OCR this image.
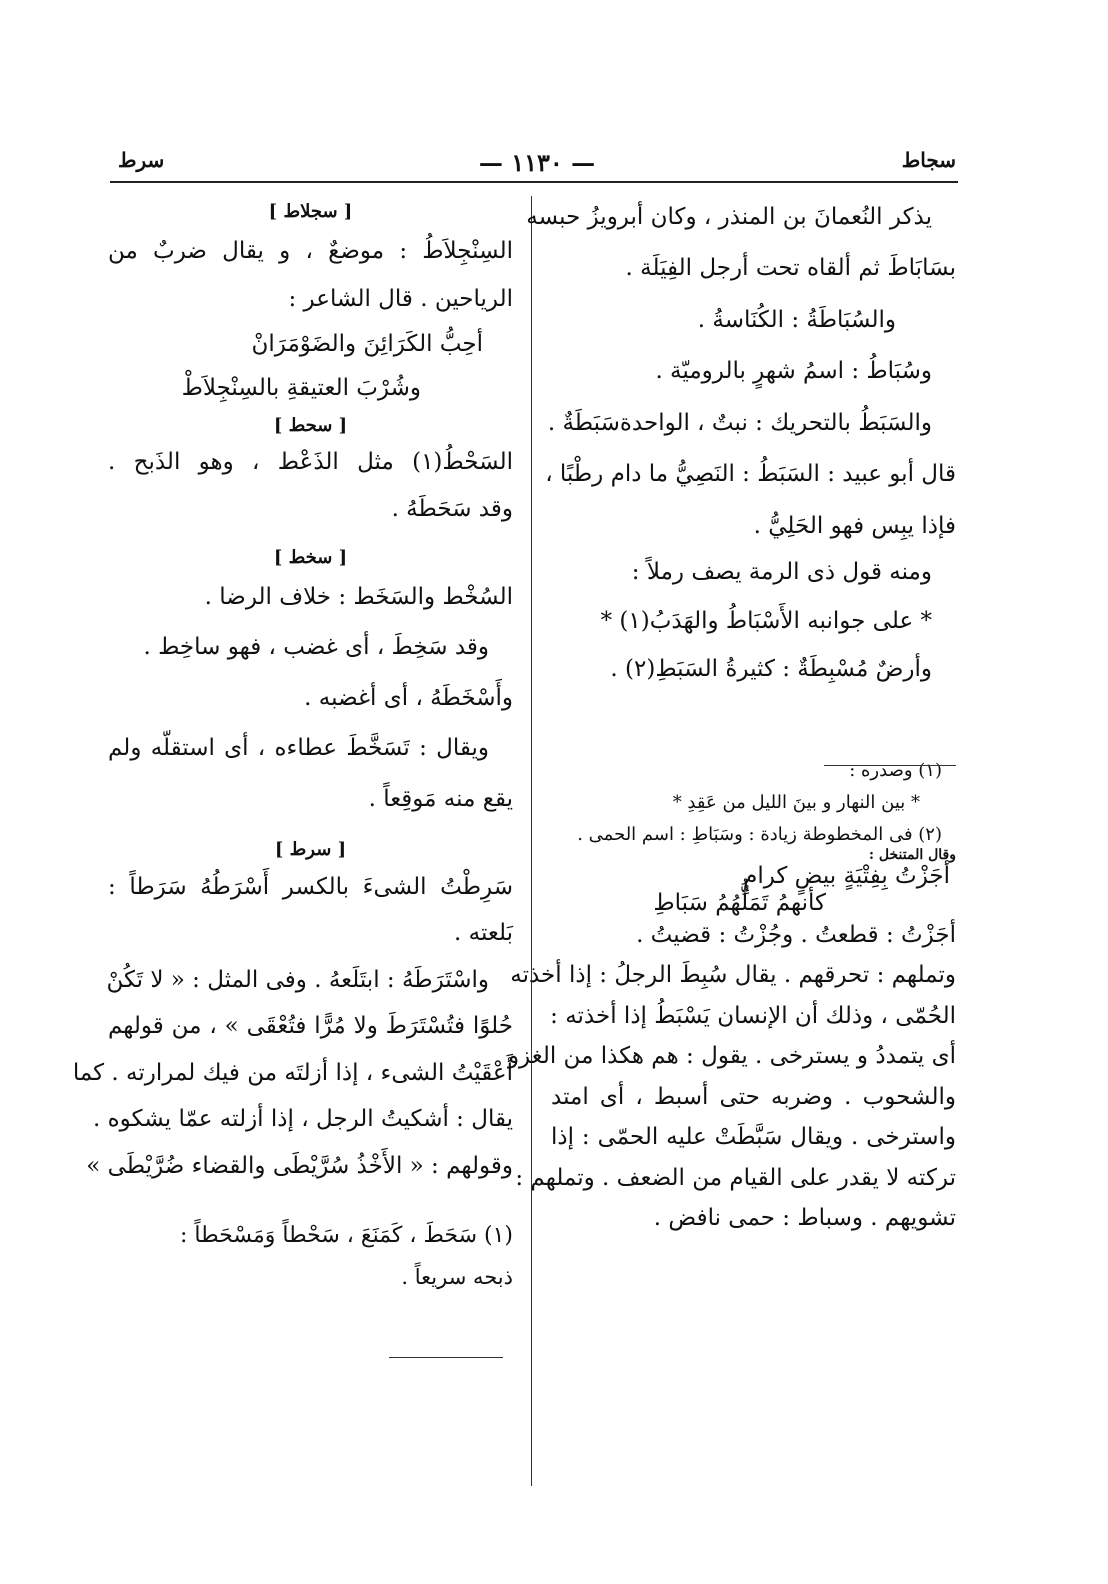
سجاط
— ١١٣٠ —
سرط
يذكر النُعمانَ بن المنذر ، وكان أبرويزُ حبسه
بسَابَاطَ ثم ألقاه تحت أرجل الفِيَلَة .
والسُبَاطَةُ : الكُنَاسةُ .
وسُبَاطُ : اسمُ شهرٍ بالروميّة .
والسَبَطُ بالتحريك : نبتٌ ، الواحدةسَبَطَةٌ .
قال أبو عبيد : السَبَطُ : النَصِيُّ ما دام رطْبًا ،
فإذا يبِس فهو الحَلِيُّ .
ومنه قول ذى الرمة يصف رملاً :
* على جوانبه الأَسْبَاطُ والهَدَبُ(١) *
وأرضٌ مُسْبِطَةٌ : كثيرةُ السَبَطِ(٢) .
(١) وصدره :
* بين النهار و بينَ الليل من عَقِدِ *
(٢) فى المخطوطة زيادة : وسَبَاطِ : اسم الحمى .
وقال المتنخل :
أجَزْتُ بِفِتْيَةٍ بيضٍ كرامٍ
كأنهمُ تَمَلُّهُمُ سَبَاطِ
أجَزْتُ : قطعتُ . وجُزْتُ : قضيتُ .
وتملهم : تحرقهم . يقال سُبِطَ الرجلُ : إذا أخذته
الحُمّى ، وذلك أن الإنسان يَسْبَطُ إذا أخذته :
أى يتمددُ و يسترخى . يقول : هم هكذا من الغزو
والشحوب . وضربه حتى أسبط ، أى امتد
واسترخى . ويقال سَبَّطَتْ عليه الحمّى : إذا
تركته لا يقدر على القيام من الضعف . وتملهم :
تشويهم . وسباط : حمى نافض .
[ سجلاط ]
السِنْجِلاَطُ : موضعٌ ، و يقال ضربٌ من
الرياحين . قال الشاعر :
أحِبُّ الكَرَائِنَ والضَوْمَرَانْ
وشُرْبَ العتيقةِ بالسِنْجِلاَطْ
[ سحط ]
السَحْطُ(١) مثل الذَعْط ، وهو الذَبح .
وقد سَحَطَهُ .
[ سخط ]
السُخْط والسَخَط : خلاف الرضا .
وقد سَخِطَ ، أى غضب ، فهو ساخِط .
وأَسْخَطَهُ ، أى أغضبه .
ويقال : تَسَخَّطَ عطاءه ، أى استقلّه ولم
يقع منه مَوقِعاً .
[ سرط ]
سَرِطْتُ الشىءَ بالكسر أَسْرَطُهُ سَرَطاً :
بَلعته .
واسْتَرَطَهُ : ابتَلَعهُ . وفى المثل : « لا تَكُنْ
حُلوًا فتُسْتَرَطَ ولا مُرًّا فتُعْقَى » ، من قولهم
أَعْقَيْتُ الشىء ، إذا أزلتَه من فيك لمرارته . كما
يقال : أشكيتُ الرجل ، إذا أزلته عمّا يشكوه .
وقولهم : « الأَخْذُ سُرَّيْطَى والقضاء ضُرَّيْطَى »
(١) سَحَطَ ، كَمَنَعَ ، سَحْطاً وَمَسْحَطاً :
ذبحه سريعاً .
